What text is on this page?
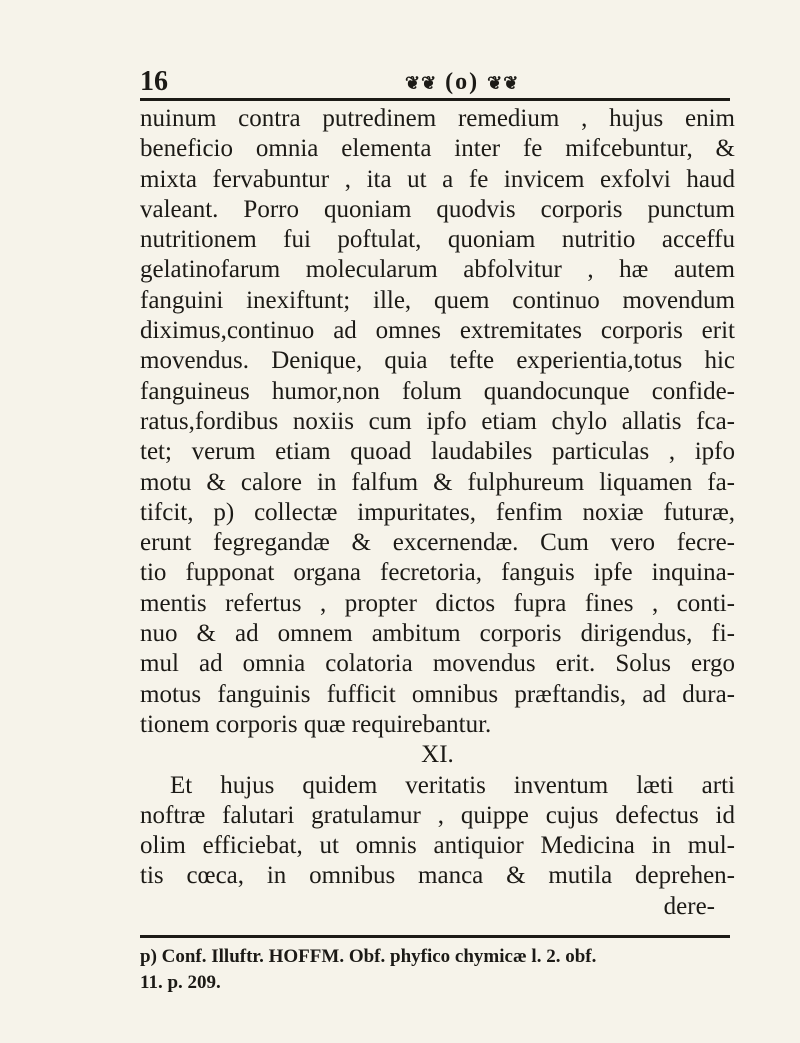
16	❦❦ (o) ❦❦
nuinum contra putredinem remedium , hujus enim
beneficio omnia elementa inter fe mifcebuntur, &
mixta fervabuntur , ita ut a fe invicem exfolvi haud
valeant. Porro quoniam quodvis corporis punctum
nutritionem fui poftulat, quoniam nutritio acceffu
gelatinofarum molecularum abfolvitur , hæ autem
fanguini inexiftunt; ille, quem continuo movendum
diximus,continuo ad omnes extremitates corporis erit
movendus. Denique, quia tefte experientia,totus hic
fanguineus humor,non folum quandocunque confide-
ratus,fordibus noxiis cum ipfo etiam chylo allatis fca-
tet; verum etiam quoad laudabiles particulas , ipfo
motu & calore in falfum & fulphureum liquamen fa-
tifcit, p) collectæ impuritates, fenfim noxiæ futuræ,
erunt fegregandæ & excernendæ. Cum vero fecre-
tio fupponat organa fecretoria, fanguis ipfe inquina-
mentis refertus , propter dictos fupra fines , conti-
nuo & ad omnem ambitum corporis dirigendus, fi-
mul ad omnia colatoria movendus erit. Solus ergo
motus fanguinis fufficit omnibus præftandis, ad dura-
tionem corporis quæ requirebantur.
XI.
Et hujus quidem veritatis inventum læti arti
noftræ falutari gratulamur , quippe cujus defectus id
olim efficiebat, ut omnis antiquior Medicina in mul-
tis cœca, in omnibus manca & mutila deprehen-
dere-
p) Conf. Illuftr. HOFFM. Obf. phyfico chymicæ l. 2. obf.
11. p. 209.
